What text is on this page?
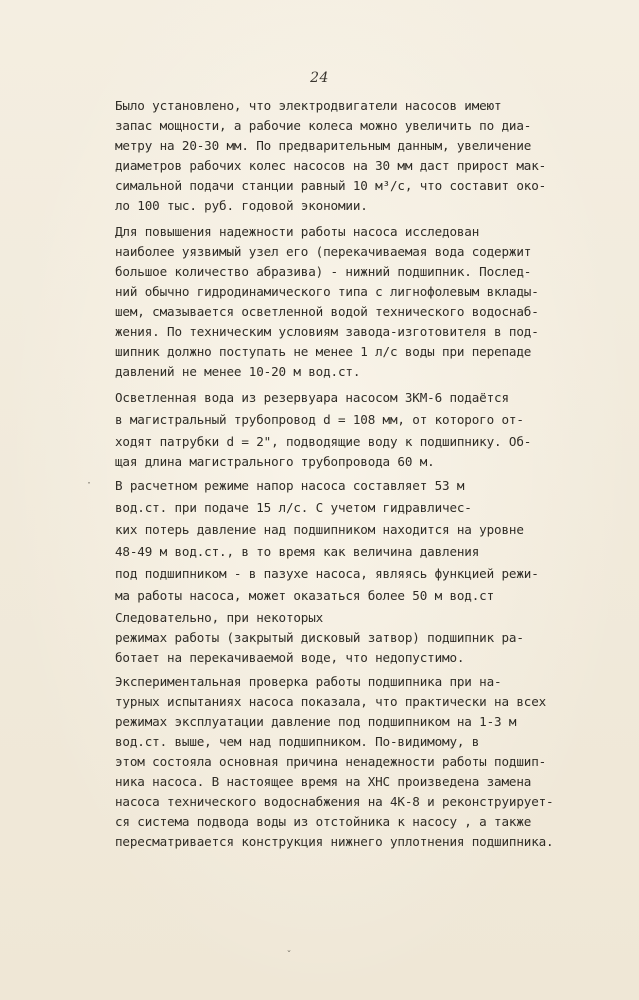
24
Было установлено, что электродвигатели насосов имеют
запас мощности, а рабочие колеса можно увеличить по диа-
метру на 20-30 мм. По предварительным данным, увеличение
диаметров рабочих колес насосов на 30 мм даст прирост мак-
симальной подачи станции равный 10 м³/с, что составит око-
ло 100 тыс. руб. годовой экономии.
Для повышения надежности работы насоса исследован
наиболее уязвимый узел его (перекачиваемая вода содержит
большое количество абразива) - нижний подшипник. Послед-
ний обычно гидродинамического типа с лигнофолевым вклады-
шем, смазывается осветленной водой технического водоснаб-
жения. По техническим условиям завода-изготовителя в под-
шипник должно поступать не менее 1 л/с воды при перепаде
давлений не менее 10-20 м вод.ст.
Осветленная вода из резервуара насосом ЗКМ-6 подаётся
в магистральный трубопровод d = 108 мм, от которого от-
ходят патрубки d = 2", подводящие воду к подшипнику. Об-
щая длина магистрального трубопровода 60 м.
В расчетном режиме напор насоса составляет 53 м
вод.ст. при подаче 15 л/с. С учетом гидравличес-
ких потерь давление над подшипником находится на уровне
48-49 м вод.ст., в то время как величина давления
под подшипником - в пазухе насоса, являясь функцией режи-
ма работы насоса, может оказаться более 50 м вод.ст
Следовательно, при некоторых
режимах работы (закрытый дисковый затвор) подшипник ра-
ботает на перекачиваемой воде, что недопустимо.
Экспериментальная проверка работы подшипника при на-
турных испытаниях насоса показала, что практически на всех
режимах эксплуатации давление под подшипником на 1-3 м
вод.ст. выше, чем над подшипником. По-видимому, в
этом состояла основная причина ненадежности работы подшип-
ника насоса. В настоящее время на ХНС произведена замена
насоса технического водоснабжения на 4К-8 и реконструирует-
ся система подвода воды из отстойника к насосу , а также
пересматривается конструкция нижнего уплотнения подшипника.
·
ˇ
